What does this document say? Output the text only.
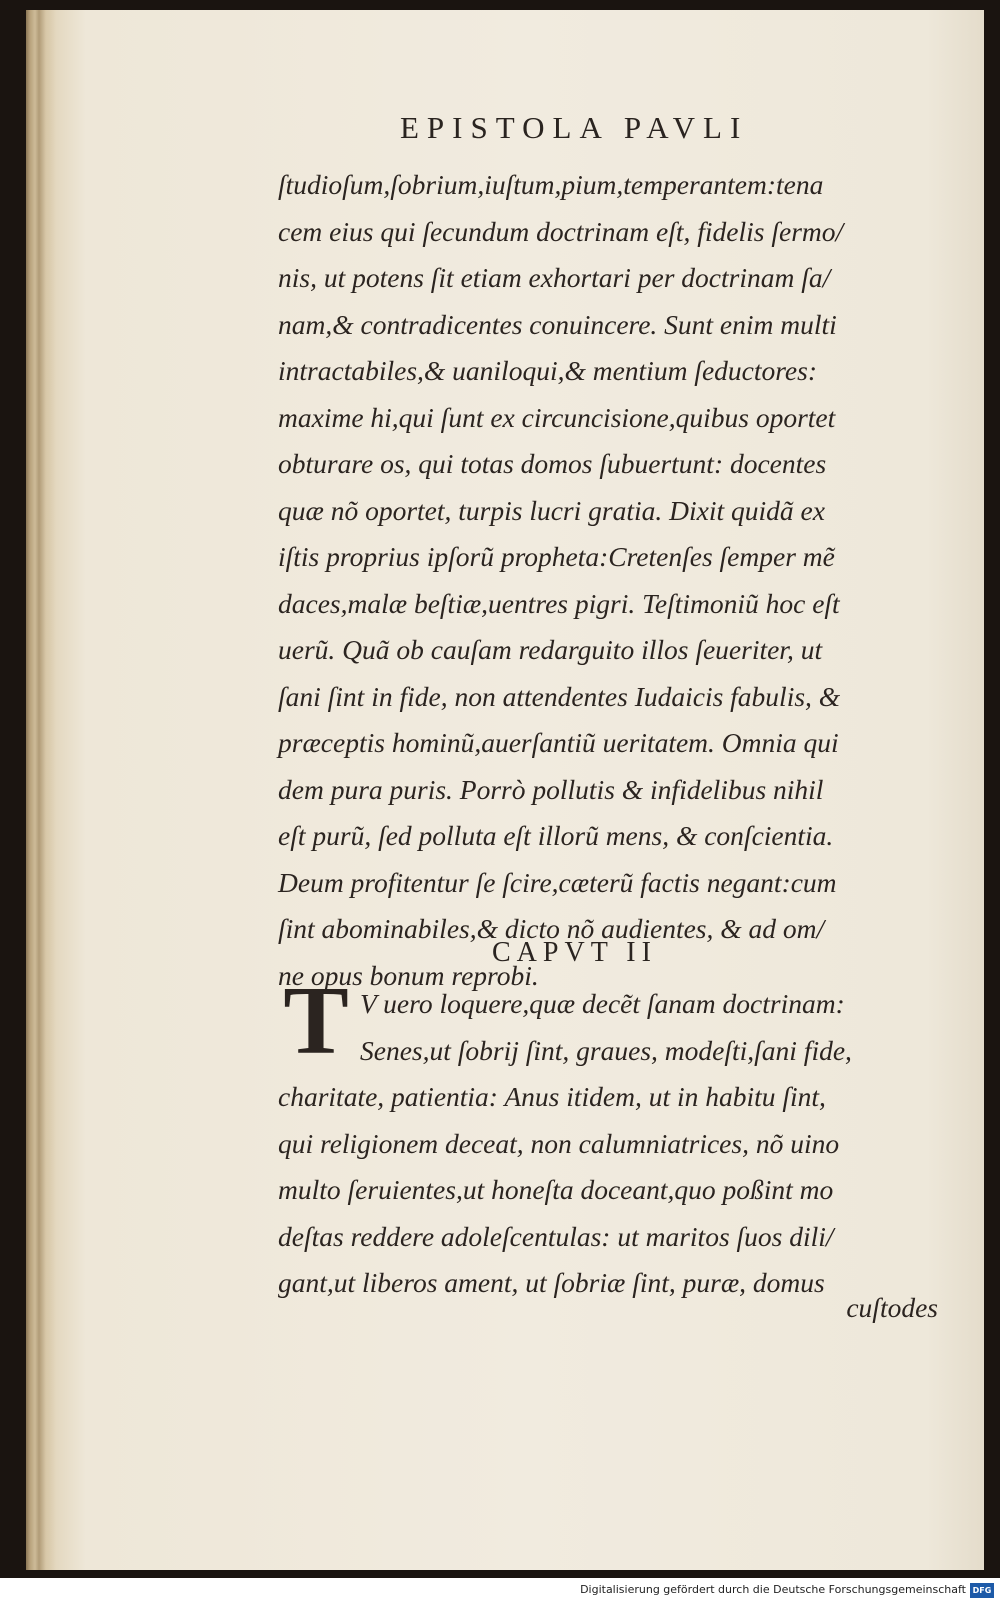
EPISTOLA PAVLI
ſtudioſum,ſobrium,iuſtum,pium,temperantem:tena
cem eius qui ſecundum doctrinam eſt, fidelis ſermo/
nis, ut potens ſit etiam exhortari per doctrinam ſa/
nam,& contradicentes conuincere. Sunt enim multi
intractabiles,& uaniloqui,& mentium ſeductores:
maxime hi,qui ſunt ex circuncisione,quibus oportet
obturare os, qui totas domos ſubuertunt: docentes
quæ nõ oportet, turpis lucri gratia. Dixit quidã ex
iſtis proprius ipſorũ propheta:Cretenſes ſemper mẽ
daces,malæ beſtiæ,uentres pigri. Teſtimoniũ hoc eſt
uerũ. Quã ob cauſam redarguito illos ſeueriter, ut
ſani ſint in fide, non attendentes Iudaicis fabulis, &
præceptis hominũ,auerſantiũ ueritatem. Omnia qui
dem pura puris. Porrò pollutis & infidelibus nihil
eſt purũ, ſed polluta eſt illorũ mens, & conſcientia.
Deum profitentur ſe ſcire,cæterũ factis negant:cum
ſint abominabiles,& dicto nõ audientes, & ad om/
ne opus bonum reprobi.
CAPVT II
T V uero loquere,quæ decẽt ſanam doctrinam:
Senes,ut ſobrij ſint, graues, modeſti,ſani fide,
charitate, patientia: Anus itidem, ut in habitu ſint,
qui religionem deceat, non calumniatrices, nõ uino
multo ſeruientes,ut honeſta doceant,quo poßint mo
deſtas reddere adoleſcentulas: ut maritos ſuos dili/
gant,ut liberos ament, ut ſobriæ ſint, puræ, domus
cuſtodes
Digitalisierung gefördert durch die Deutsche Forschungsgemeinschaft DFG
